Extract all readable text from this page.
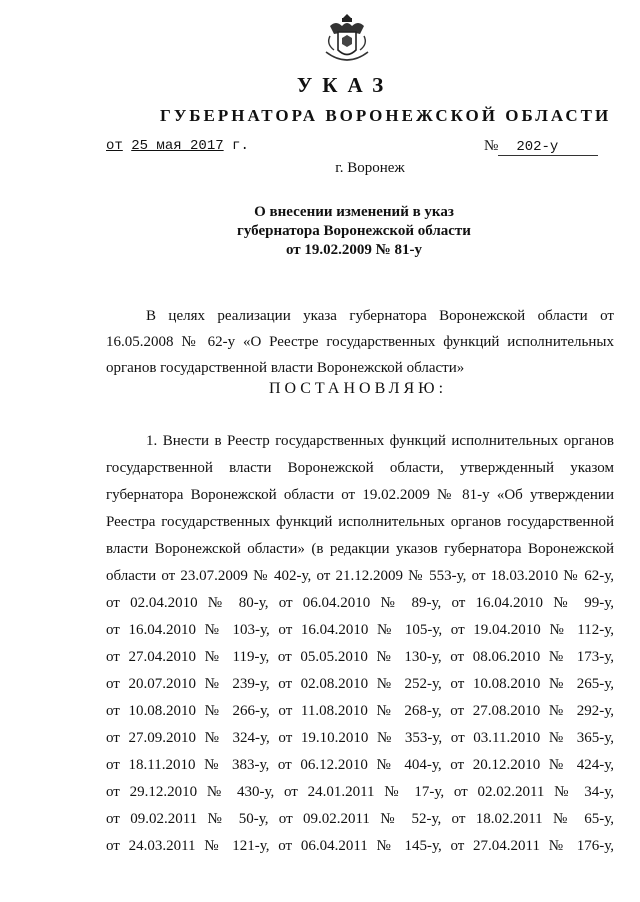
УКАЗ
ГУБЕРНАТОРА ВОРОНЕЖСКОЙ ОБЛАСТИ
от 25 мая 2017 г.	№ 202-у
г. Воронеж
О внесении изменений в указ
губернатора Воронежской области
от 19.02.2009 № 81-у
В целях реализации указа губернатора Воронежской области от
16.05.2008 № 62-у «О Реестре государственных функций исполнительных
органов государственной власти Воронежской области»
ПОСТАНОВЛЯЮ:
1. Внести в Реестр государственных функций исполнительных органов
государственной власти Воронежской области, утвержденный указом
губернатора Воронежской области от 19.02.2009 № 81-у «Об утверждении
Реестра государственных функций исполнительных органов государственной
власти Воронежской области» (в редакции указов губернатора Воронежской
области от 23.07.2009 № 402-у, от 21.12.2009 № 553-у, от 18.03.2010 № 62-у,
от 02.04.2010 № 80-у, от 06.04.2010 № 89-у, от 16.04.2010 № 99-у,
от 16.04.2010 № 103-у, от 16.04.2010 № 105-у, от 19.04.2010 № 112-у,
от 27.04.2010 № 119-у, от 05.05.2010 № 130-у, от 08.06.2010 № 173-у,
от 20.07.2010 № 239-у, от 02.08.2010 № 252-у, от 10.08.2010 № 265-у,
от 10.08.2010 № 266-у, от 11.08.2010 № 268-у, от 27.08.2010 № 292-у,
от 27.09.2010 № 324-у, от 19.10.2010 № 353-у, от 03.11.2010 № 365-у,
от 18.11.2010 № 383-у, от 06.12.2010 № 404-у, от 20.12.2010 № 424-у,
от 29.12.2010 № 430-у, от 24.01.2011 № 17-у, от 02.02.2011 № 34-у,
от 09.02.2011 № 50-у, от 09.02.2011 № 52-у, от 18.02.2011 № 65-у,
от 24.03.2011 № 121-у, от 06.04.2011 № 145-у, от 27.04.2011 № 176-у,
